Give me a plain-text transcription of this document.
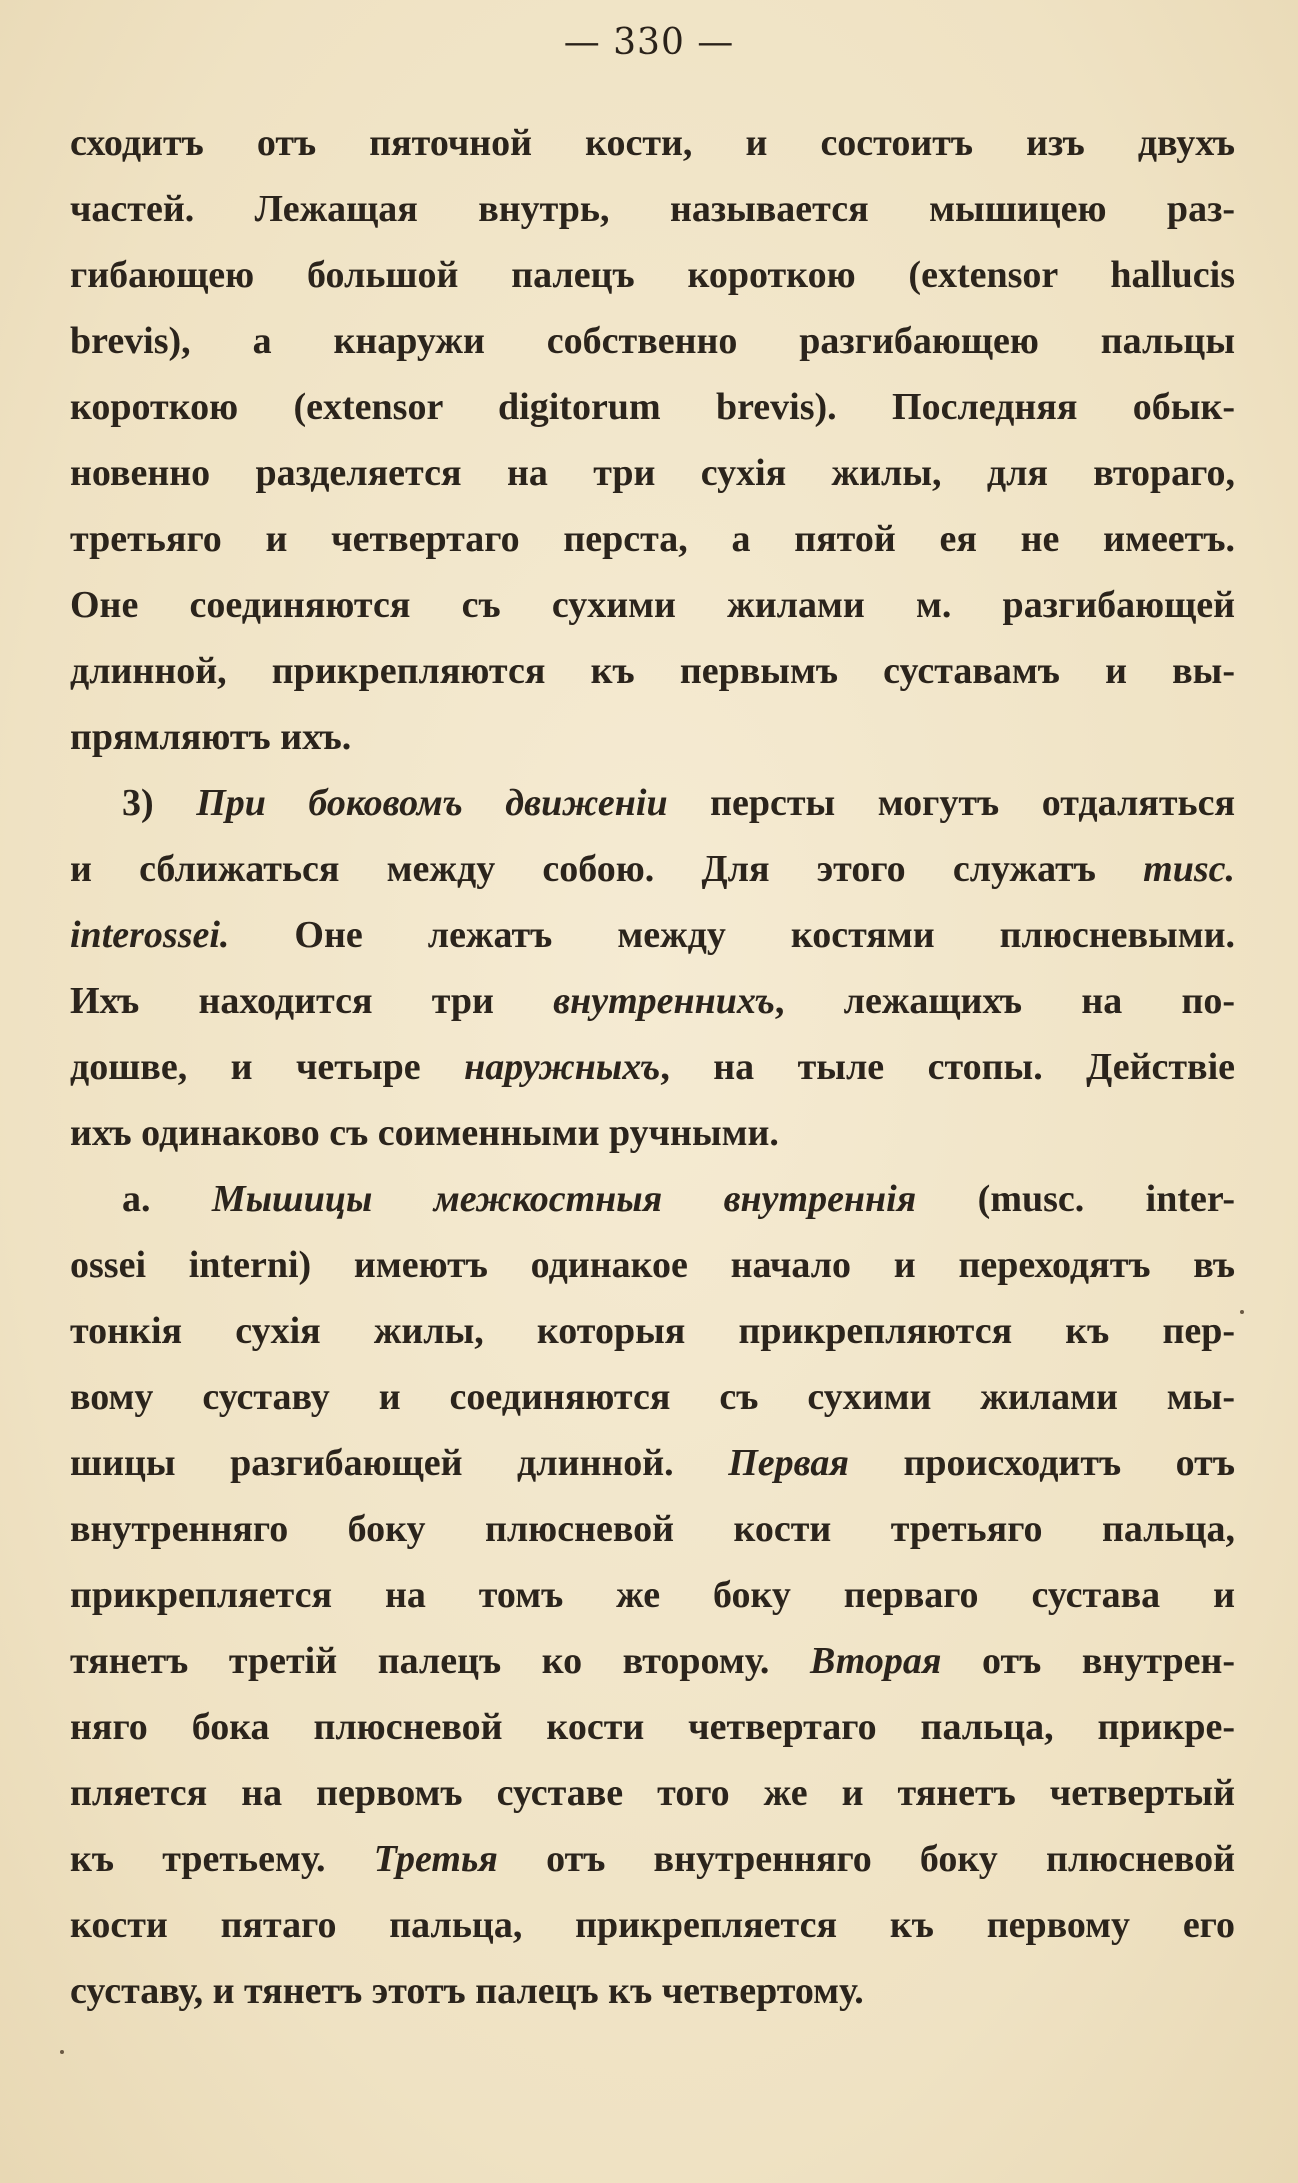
— 330 —
сходитъ отъ пяточной кости, и состоитъ изъ двухъ
частей. Лежащая внутрь, называется мышицею раз-
гибающею большой палецъ короткою (extensor hallucis
brevis), а кнаружи собственно разгибающею пальцы
короткою (extensor digitorum brevis). Последняя обык-
новенно разделяется на три сухія жилы, для втораго,
третьяго и четвертаго перста, а пятой ея не имеетъ.
Оне соединяются съ сухими жилами м. разгибающей
длинной, прикрепляются къ первымъ суставамъ и вы-
прямляютъ ихъ.
3) При боковомъ движеніи персты могутъ отдаляться
и сближаться между собою. Для этого служатъ musc.
interossei. Оне лежатъ между костями плюсневыми.
Ихъ находится три внутреннихъ, лежащихъ на по-
дошве, и четыре наружныхъ, на тыле стопы. Действіе
ихъ одинаково съ соименными ручными.
a. Мышицы межкостныя внутреннія (musc. inter-
ossei interni) имеютъ одинакое начало и переходятъ въ
тонкія сухія жилы, которыя прикрепляются къ пер-
вому суставу и соединяются съ сухими жилами мы-
шицы разгибающей длинной. Первая происходитъ отъ
внутренняго боку плюсневой кости третьяго пальца,
прикрепляется на томъ же боку перваго сустава и
тянетъ третій палецъ ко второму. Вторая отъ внутрен-
няго бока плюсневой кости четвертаго пальца, прикре-
пляется на первомъ суставе того же и тянетъ четвертый
къ третьему. Третья отъ внутренняго боку плюсневой
кости пятаго пальца, прикрепляется къ первому его
суставу, и тянетъ этотъ палецъ къ четвертому.
